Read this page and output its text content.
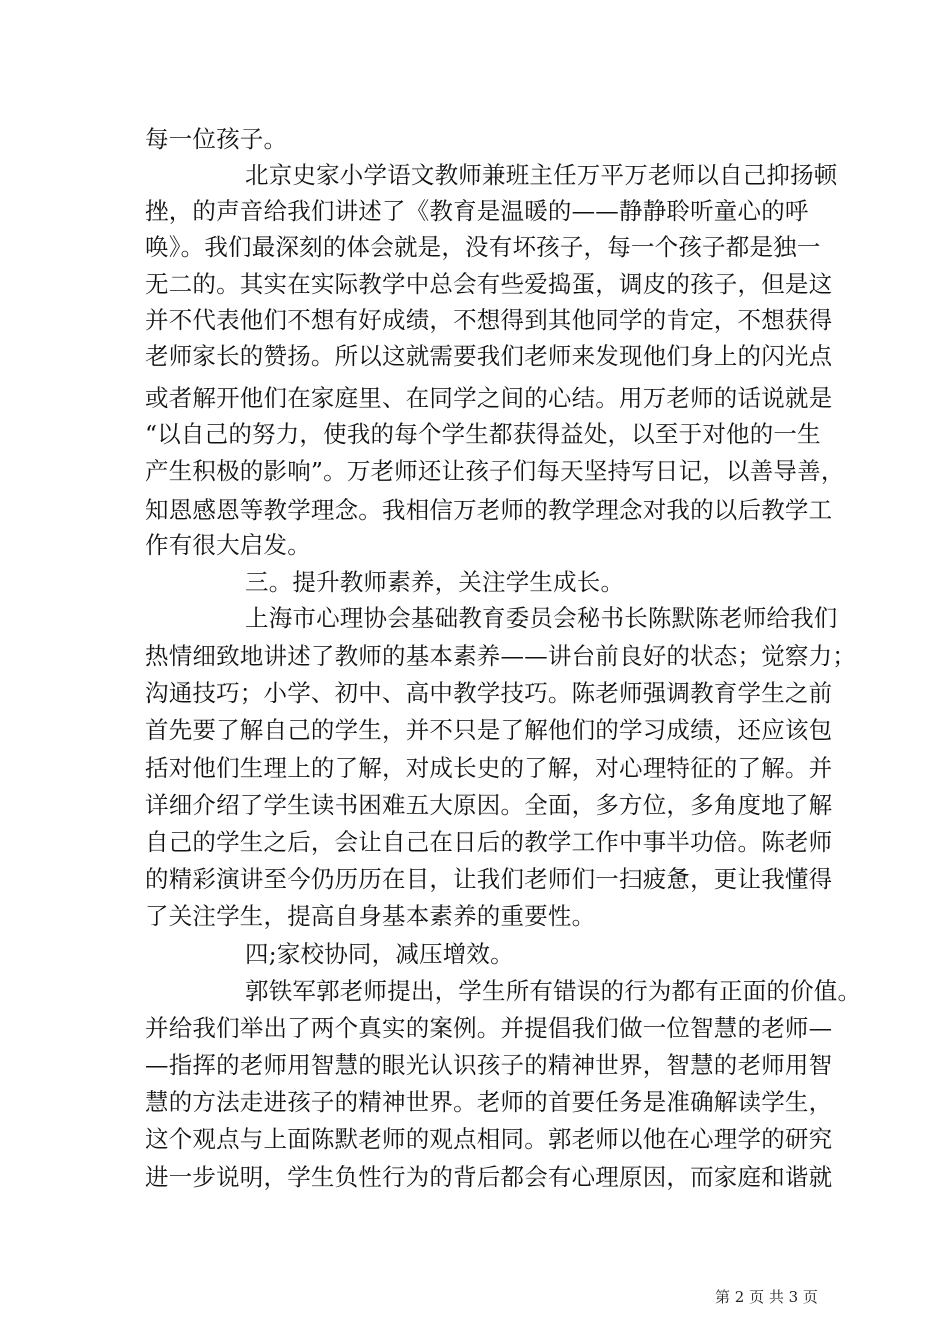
每一位孩子。
北京史家小学语文教师兼班主任万平万老师以自己抑扬顿
挫，的声音给我们讲述了《教育是温暖的——静静聆听童心的呼
唤》。我们最深刻的体会就是，没有坏孩子，每一个孩子都是独一
无二的。其实在实际教学中总会有些爱捣蛋，调皮的孩子，但是这
并不代表他们不想有好成绩，不想得到其他同学的肯定，不想获得
老师家长的赞扬。所以这就需要我们老师来发现他们身上的闪光点
或者解开他们在家庭里、在同学之间的心结。用万老师的话说就是
“以自己的努力，使我的每个学生都获得益处，以至于对他的一生
产生积极的影响”。万老师还让孩子们每天坚持写日记，以善导善，
知恩感恩等教学理念。我相信万老师的教学理念对我的以后教学工
作有很大启发。
三。提升教师素养，关注学生成长。
上海市心理协会基础教育委员会秘书长陈默陈老师给我们
热情细致地讲述了教师的基本素养——讲台前良好的状态；觉察力；
沟通技巧；小学、初中、高中教学技巧。陈老师强调教育学生之前
首先要了解自己的学生，并不只是了解他们的学习成绩，还应该包
括对他们生理上的了解，对成长史的了解，对心理特征的了解。并
详细介绍了学生读书困难五大原因。全面，多方位，多角度地了解
自己的学生之后，会让自己在日后的教学工作中事半功倍。陈老师
的精彩演讲至今仍历历在目，让我们老师们一扫疲惫，更让我懂得
了关注学生，提高自身基本素养的重要性。
四;家校协同，减压增效。
郭铁军郭老师提出，学生所有错误的行为都有正面的价值。
并给我们举出了两个真实的案例。并提倡我们做一位智慧的老师—
—指挥的老师用智慧的眼光认识孩子的精神世界，智慧的老师用智
慧的方法走进孩子的精神世界。老师的首要任务是准确解读学生，
这个观点与上面陈默老师的观点相同。郭老师以他在心理学的研究
进一步说明，学生负性行为的背后都会有心理原因，而家庭和谐就
第 2 页 共 3 页
